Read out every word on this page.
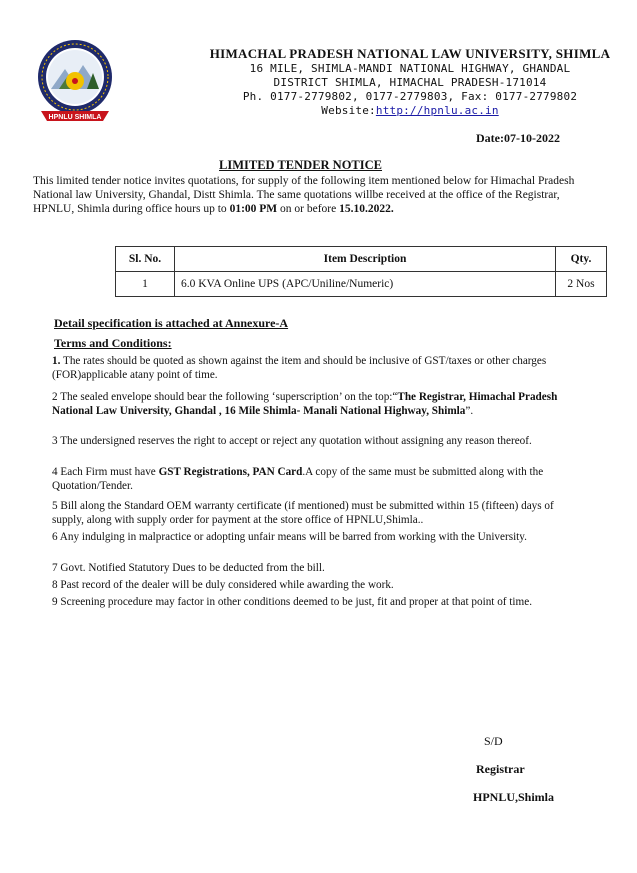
HPNLU SHIMLA
HIMACHAL PRADESH NATIONAL LAW UNIVERSITY, SHIMLA
16 MILE, SHIMLA-MANDI NATIONAL HIGHWAY, GHANDAL
DISTRICT SHIMLA, HIMACHAL PRADESH-171014
Ph. 0177-2779802, 0177-2779803, Fax: 0177-2779802
Website:http://hpnlu.ac.in
Date:07-10-2022
LIMITED TENDER NOTICE
This limited tender notice invites quotations, for supply of the following item mentioned below for Himachal Pradesh National law University, Ghandal, Distt Shimla. The same quotations willbe received at the office of the Registrar, HPNLU, Shimla during office hours up to 01:00 PM on or before 15.10.2022.
Sl. No.	Item Description	Qty.
1	6.0 KVA Online UPS (APC/Uniline/Numeric)	2 Nos
Detail specification is attached at Annexure-A
Terms and Conditions:
1. The rates should be quoted as shown against the item and should be inclusive of GST/taxes or other charges (FOR)applicable atany point of time.
2 The sealed envelope should bear the following ‘superscription’ on the top:“The Registrar, Himachal Pradesh National Law University, Ghandal , 16 Mile Shimla- Manali National Highway, Shimla”.
3 The undersigned reserves the right to accept or reject any quotation without assigning any reason thereof.
4 Each Firm must have GST Registrations, PAN Card.A copy of the same must be submitted along with the Quotation/Tender.
5 Bill along the Standard OEM warranty certificate (if mentioned) must be submitted within 15 (fifteen) days of supply, along with supply order for payment at the store office of HPNLU,Shimla..
6 Any indulging in malpractice or adopting unfair means will be barred from working with the University.
7 Govt. Notified Statutory Dues to be deducted from the bill.
8 Past record of the dealer will be duly considered while awarding the work.
9 Screening procedure may factor in other conditions deemed to be just, fit and proper at that point of time.
S/D
Registrar
HPNLU,Shimla
